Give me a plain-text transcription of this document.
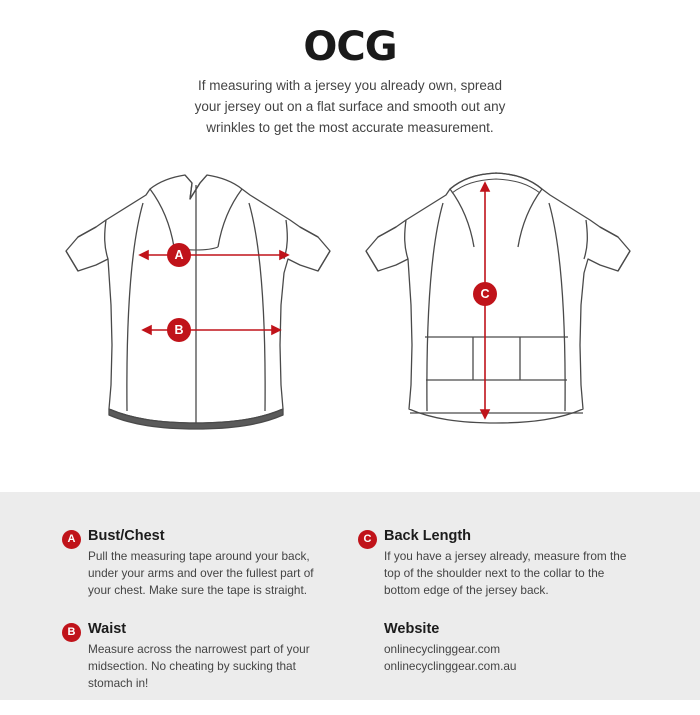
OCG
If measuring with a jersey you already own, spread your jersey out on a flat surface and smooth out any wrinkles to get the most accurate measurement.
A
B
C
A Bust/Chest

Pull the measuring tape around your back, under your arms and over the fullest part of your chest. Make sure the tape is straight.

B Waist

Measure across the narrowest part of your midsection. No cheating by sucking that stomach in!

C Back Length

If you have a jersey already, measure from the top of the shoulder next to the collar to the bottom edge of the jersey back.

Website

onlinecyclinggear.com

onlinecyclinggear.com.au
